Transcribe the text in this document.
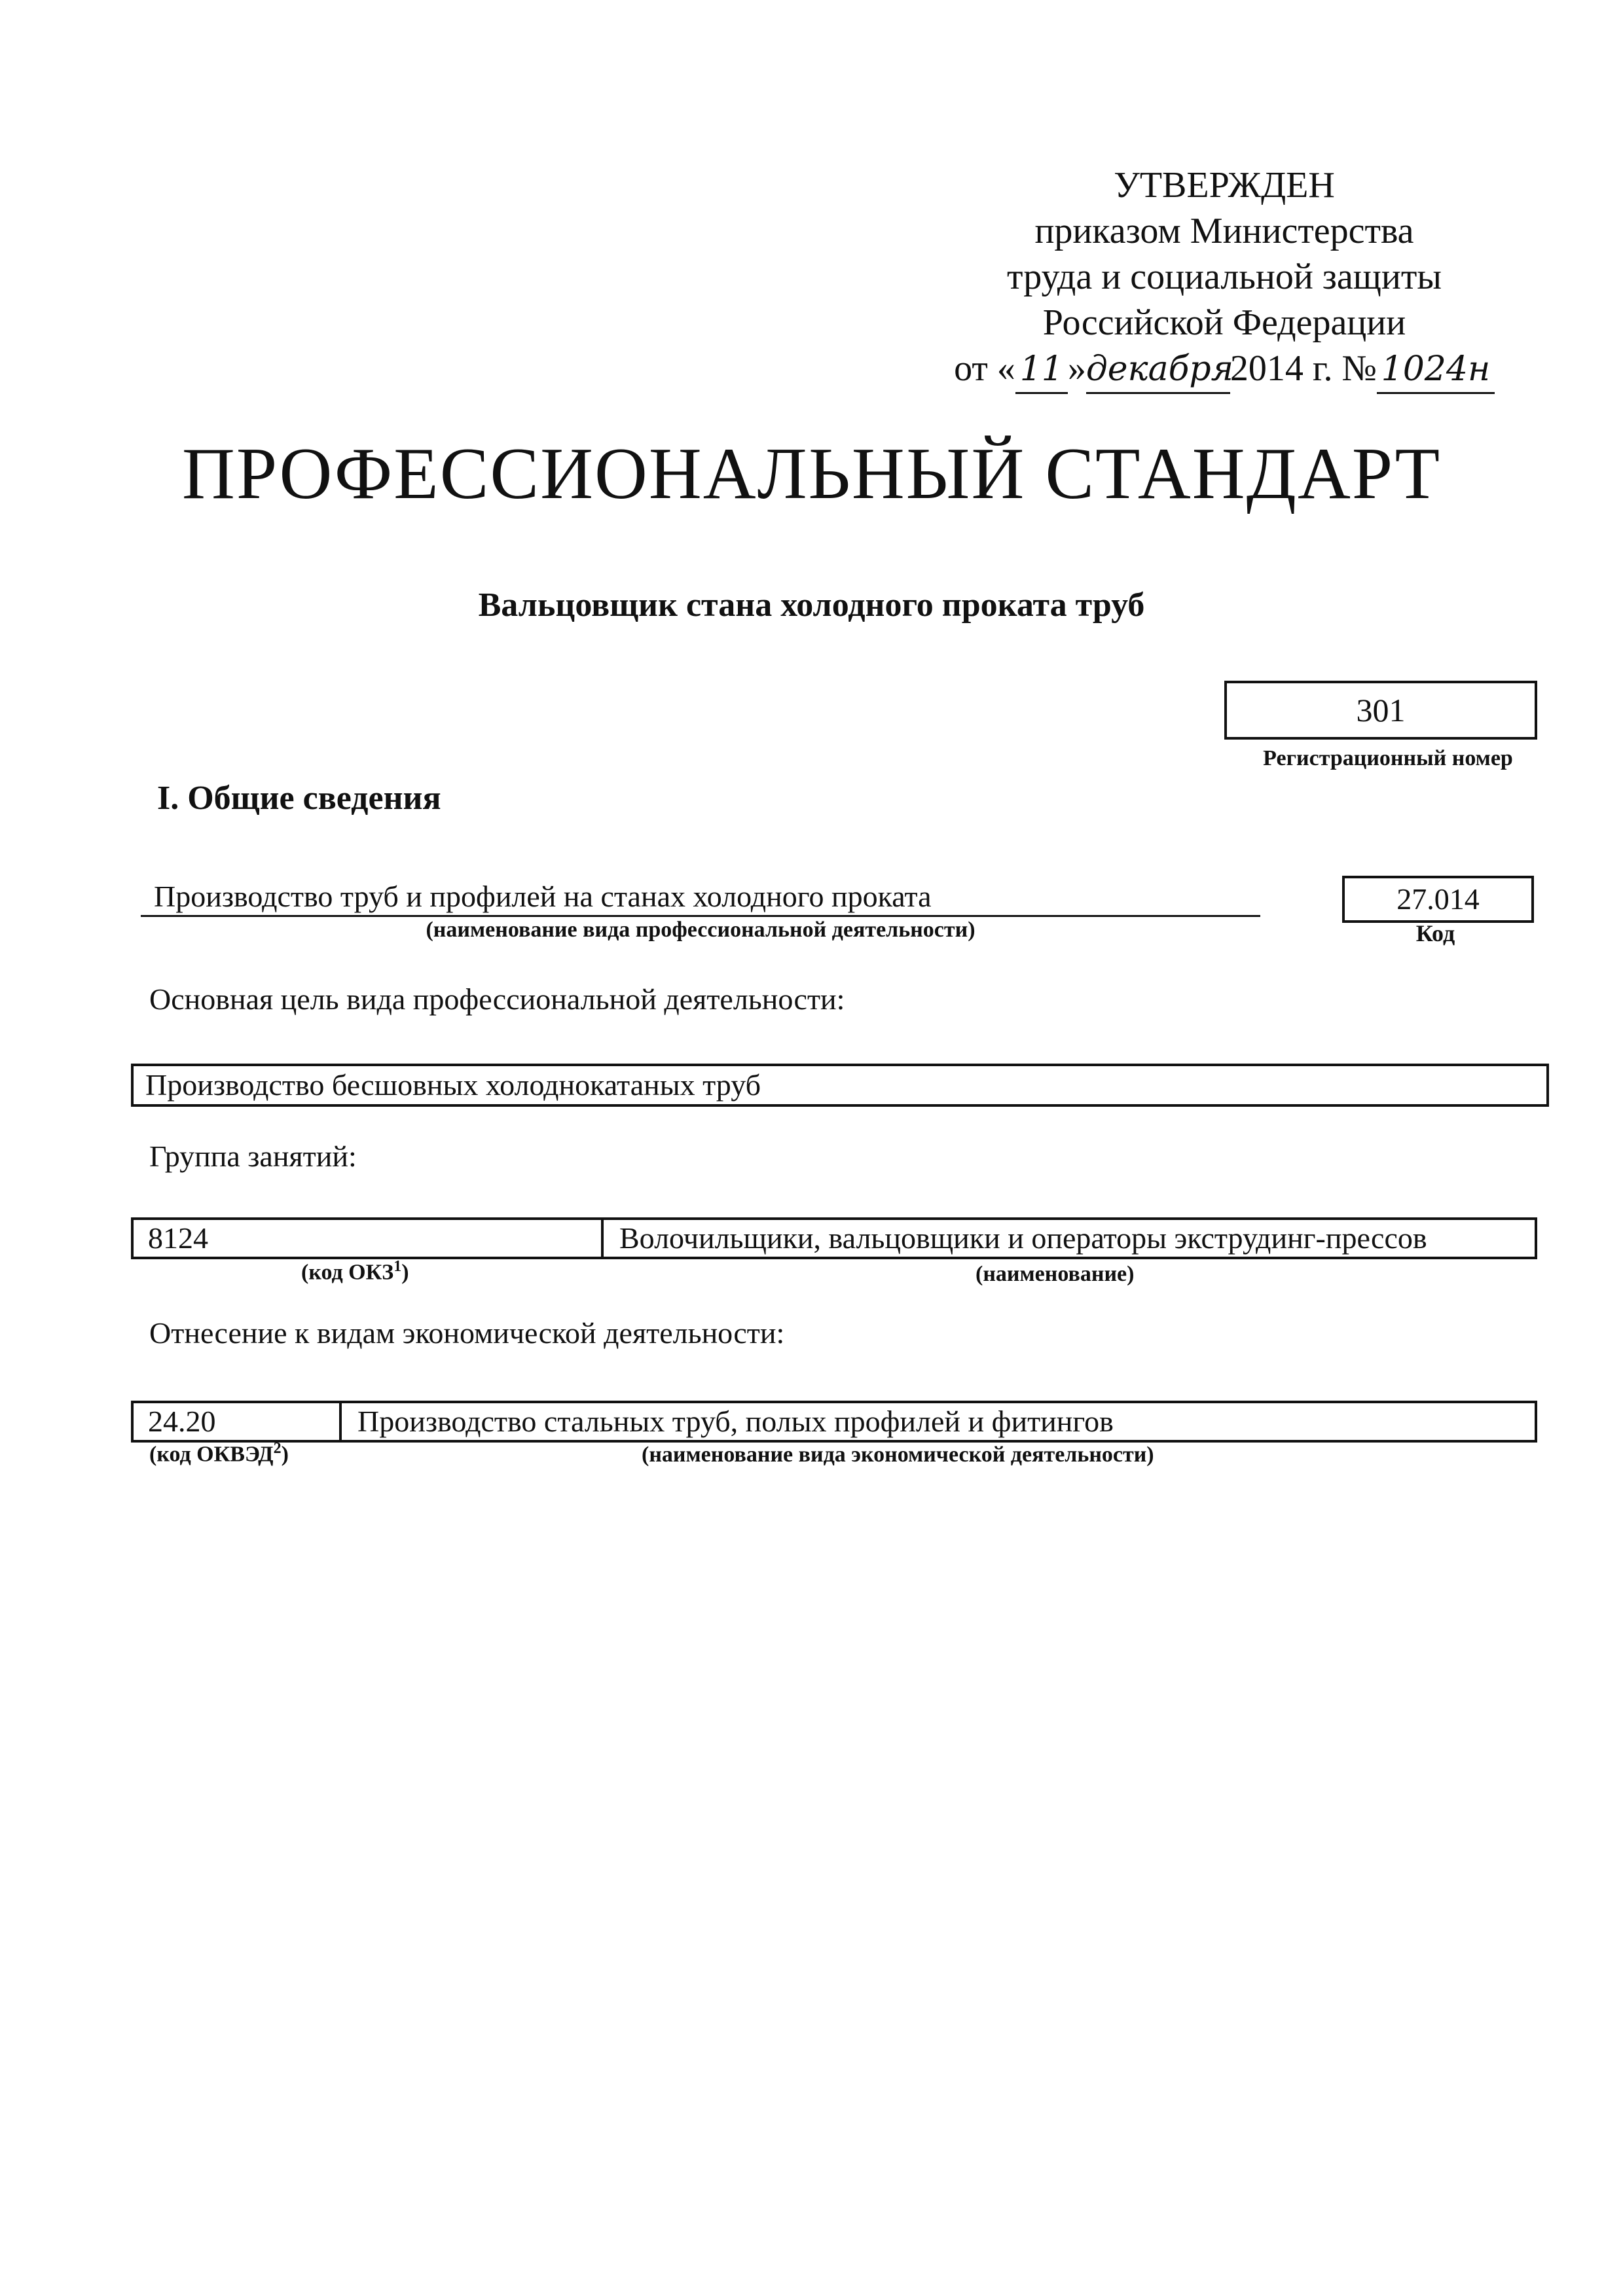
УТВЕРЖДЕН
приказом Министерства
труда и социальной защиты
Российской Федерации
от « 11 »декабря2014 г. № 1024н
ПРОФЕССИОНАЛЬНЫЙ СТАНДАРТ
Вальцовщик стана холодного проката труб
301
Регистрационный номер
I. Общие сведения
Производство труб и профилей на станах холодного проката
(наименование вида профессиональной деятельности)
27.014
Код
Основная цель вида профессиональной деятельности:
Производство бесшовных холоднокатаных труб
Группа занятий:
8124	Волочильщики, вальцовщики и операторы экструдинг-прессов
(код ОКЗ$^1$)	(наименование)
Отнесение к видам экономической деятельности:
24.20	Производство стальных труб, полых профилей и фитингов
(код ОКВЭД$^2$)	(наименование вида экономической деятельности)
